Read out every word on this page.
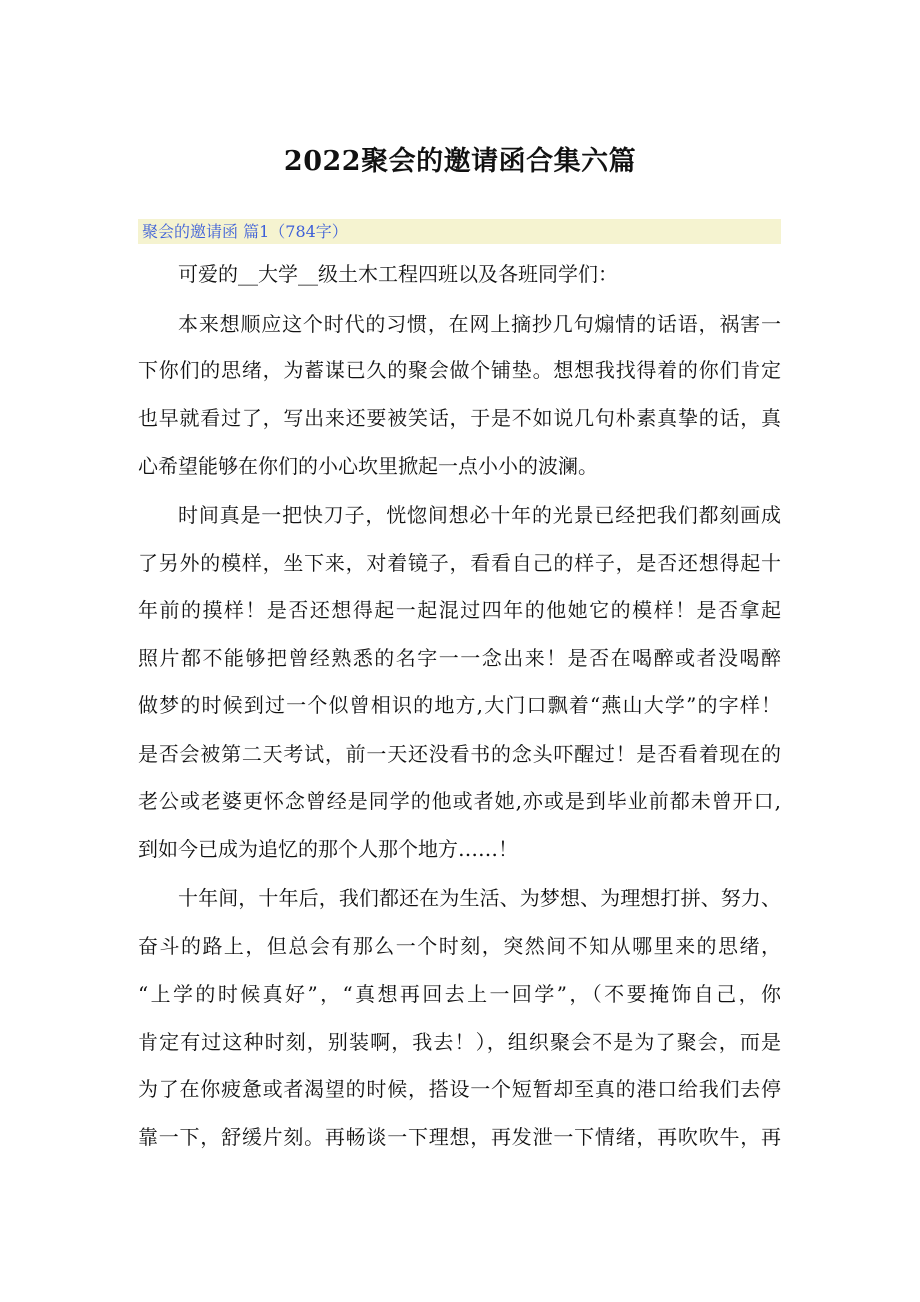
2022聚会的邀请函合集六篇
聚会的邀请函 篇1（784字）
可爱的__大学__级土木工程四班以及各班同学们：
本来想顺应这个时代的习惯，在网上摘抄几句煽情的话语，祸害一
下你们的思绪，为蓄谋已久的聚会做个铺垫。想想我找得着的你们肯定
也早就看过了，写出来还要被笑话，于是不如说几句朴素真挚的话，真
心希望能够在你们的小心坎里掀起一点小小的波澜。
时间真是一把快刀子，恍惚间想必十年的光景已经把我们都刻画成
了另外的模样，坐下来，对着镜子，看看自己的样子，是否还想得起十
年前的摸样！是否还想得起一起混过四年的他她它的模样！是否拿起
照片都不能够把曾经熟悉的名字一一念出来！是否在喝醉或者没喝醉
做梦的时候到过一个似曾相识的地方,大门口飘着“燕山大学”的字样！
是否会被第二天考试，前一天还没看书的念头吓醒过！是否看着现在的
老公或老婆更怀念曾经是同学的他或者她,亦或是到毕业前都未曾开口,
到如今已成为追忆的那个人那个地方……！
十年间，十年后，我们都还在为生活、为梦想、为理想打拼、努力、
奋斗的路上，但总会有那么一个时刻，突然间不知从哪里来的思绪，
“上学的时候真好”，“真想再回去上一回学”，（不要掩饰自己，你
肯定有过这种时刻，别装啊，我去！），组织聚会不是为了聚会，而是
为了在你疲惫或者渴望的时候，搭设一个短暂却至真的港口给我们去停
靠一下，舒缓片刻。再畅谈一下理想，再发泄一下情绪，再吹吹牛，再
